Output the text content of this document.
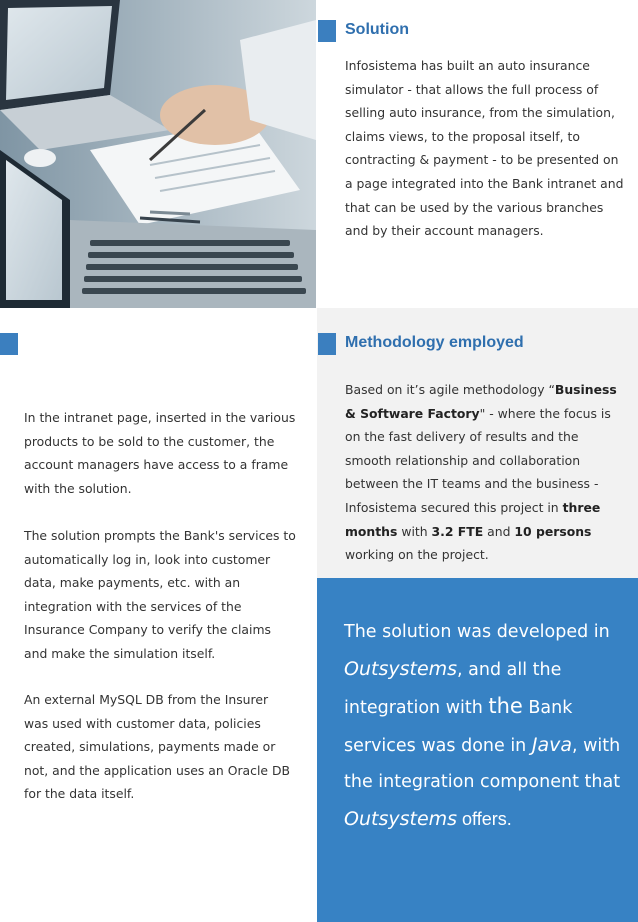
Solution
Infosistema has built an auto insurance simulator - that allows the full process of selling auto insurance, from the simulation, claims views, to the proposal itself, to contracting & payment - to be presented on a page integrated into the Bank intranet and that can be used by the various branches and by their account managers.
Methodology employed
Based on it’s agile methodology “Business & Software Factory" - where the focus is on the fast delivery of results and the smooth relationship and collaboration between the IT teams and the business - Infosistema secured this project in three months with 3.2 FTE and 10 persons working on the project.
In the intranet page, inserted in the various products to be sold to the customer, the account managers have access to a frame with the solution.
The solution prompts the Bank's services to automatically log in, look into customer data, make payments, etc. with an integration with the services of the Insurance Company to verify the claims and make the simulation itself.
An external MySQL DB from the Insurer was used with customer data, policies created, simulations, payments made or not, and the application uses an Oracle DB for the data itself.
The solution was developed in Outsystems, and all the integration with the Bank services was done in Java, with the integration component that Outsystems offers.
